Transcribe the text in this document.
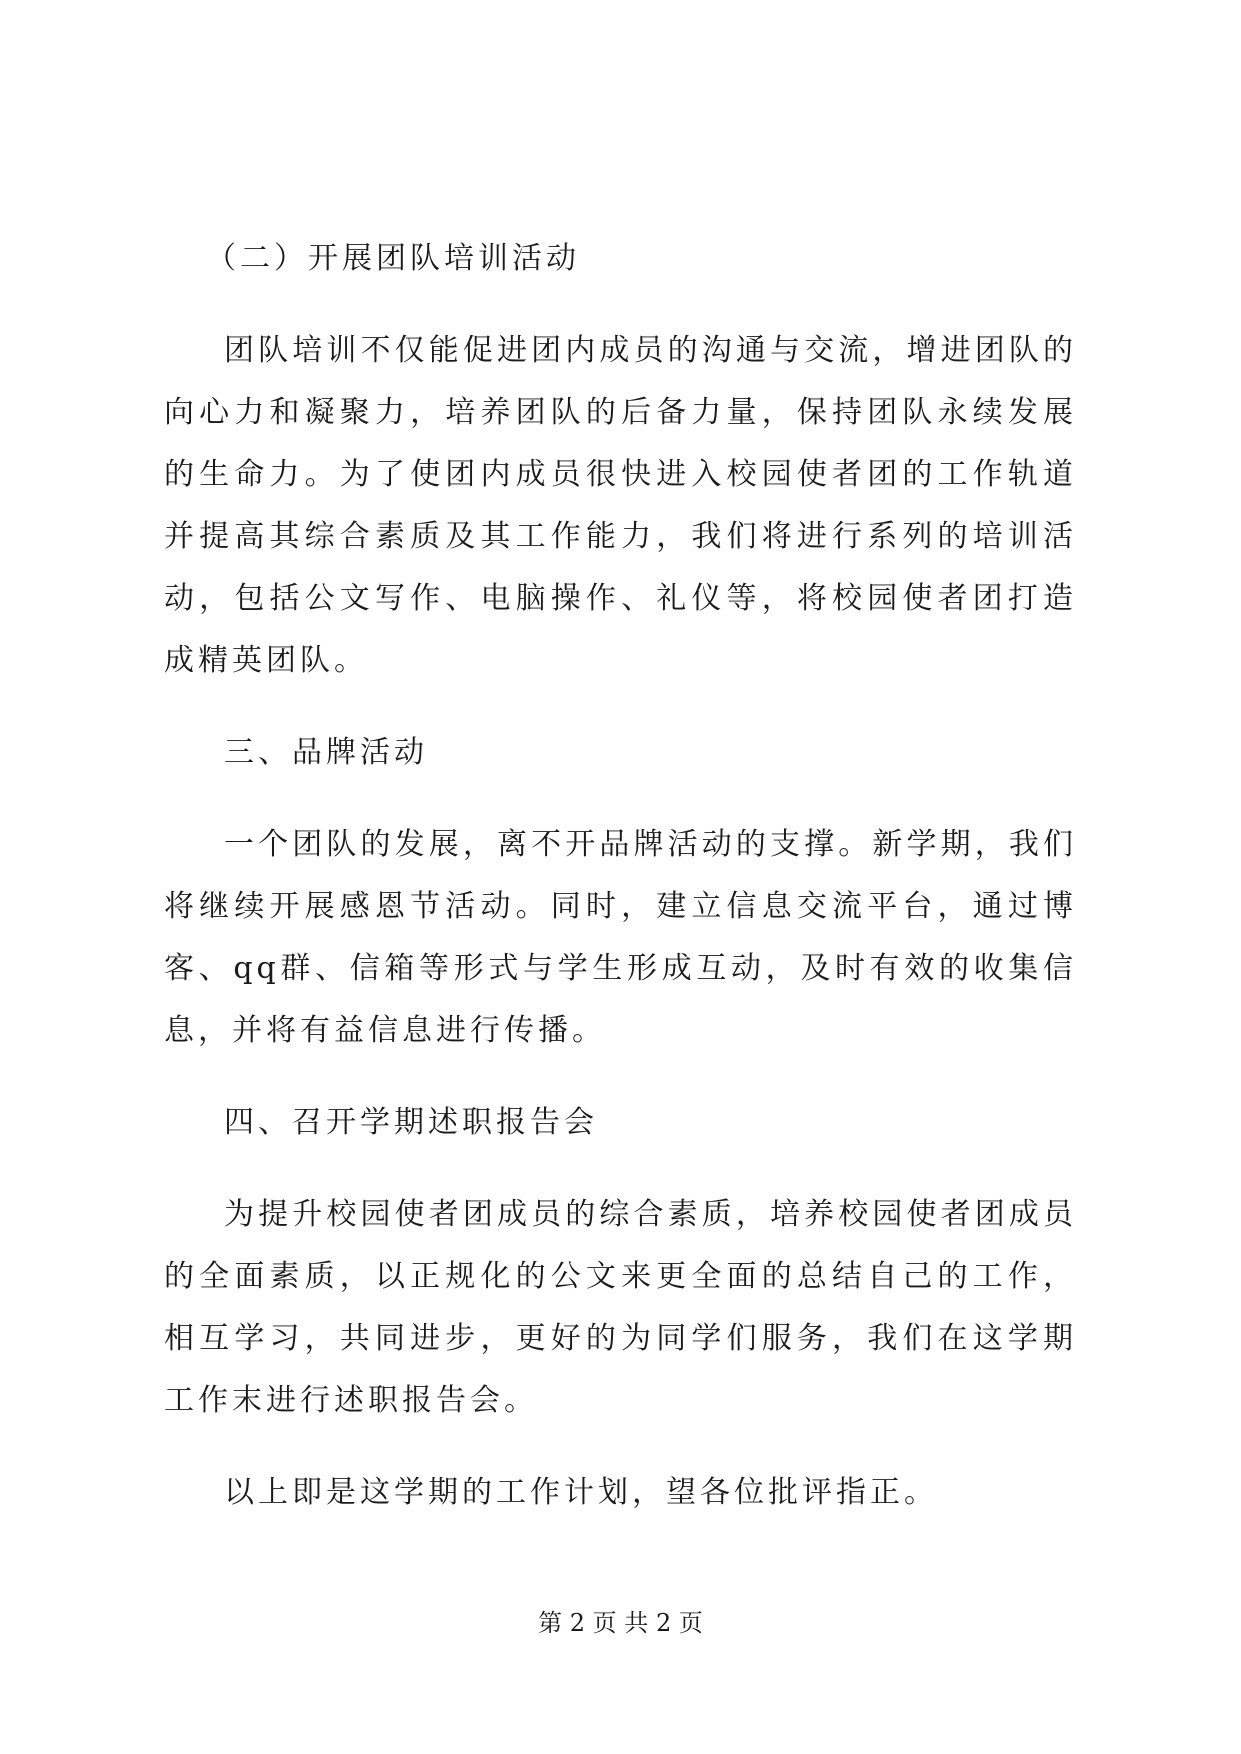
（二）开展团队培训活动
团队培训不仅能促进团内成员的沟通与交流，增进团队的向心力和凝聚力，培养团队的后备力量，保持团队永续发展的生命力。为了使团内成员很快进入校园使者团的工作轨道并提高其综合素质及其工作能力，我们将进行系列的培训活动，包括公文写作、电脑操作、礼仪等，将校园使者团打造成精英团队。
三、品牌活动
一个团队的发展，离不开品牌活动的支撑。新学期，我们将继续开展感恩节活动。同时，建立信息交流平台，通过博客、qq群、信箱等形式与学生形成互动，及时有效的收集信息，并将有益信息进行传播。
四、召开学期述职报告会
为提升校园使者团成员的综合素质，培养校园使者团成员的全面素质，以正规化的公文来更全面的总结自己的工作，相互学习，共同进步，更好的为同学们服务，我们在这学期工作末进行述职报告会。
以上即是这学期的工作计划，望各位批评指正。
第 2 页 共 2 页
